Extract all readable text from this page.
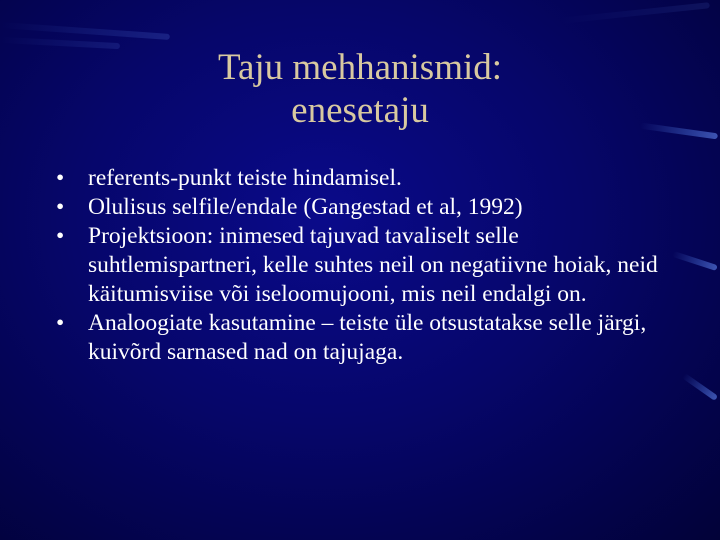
Taju mehhanismid:
enesetaju
• referents-punkt teiste hindamisel.
• Olulisus selfile/endale (Gangestad et al, 1992)
• Projektsioon: inimesed tajuvad tavaliselt selle suhtlemispartneri, kelle suhtes neil on negatiivne hoiak, neid käitumisviise või iseloomujooni, mis neil endalgi on.
• Analoogiate kasutamine – teiste üle otsustatakse selle järgi, kuivõrd sarnased nad on tajujaga.
